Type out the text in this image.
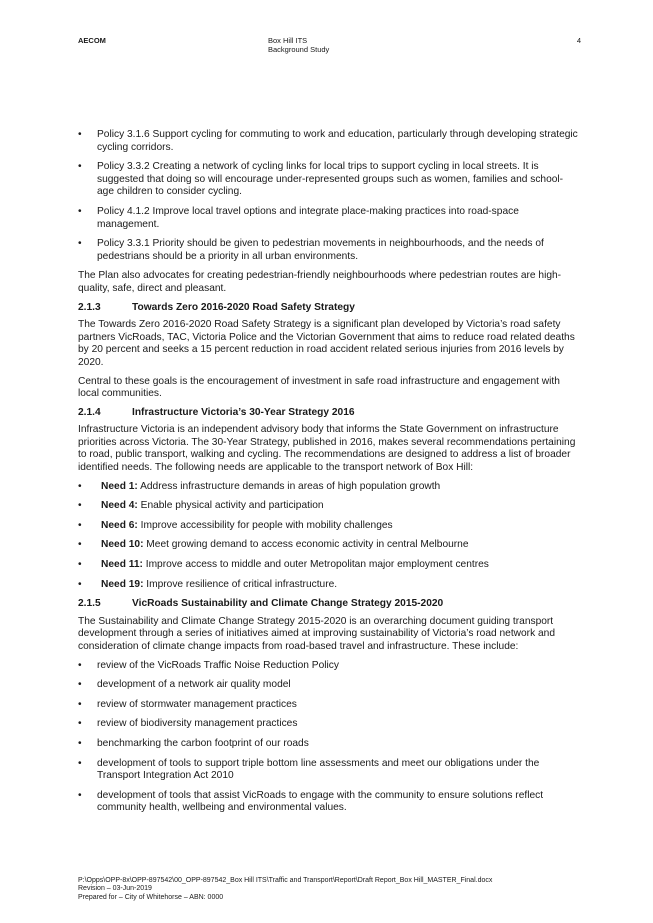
AECOM	Box Hill ITS
Background Study
4
• Policy 3.1.6 Support cycling for commuting to work and education, particularly through developing strategic cycling corridors.
• Policy 3.3.2 Creating a network of cycling links for local trips to support cycling in local streets. It is suggested that doing so will encourage under-represented groups such as women, families and school-age children to consider cycling.
• Policy 4.1.2 Improve local travel options and integrate place-making practices into road-space management.
• Policy 3.3.1 Priority should be given to pedestrian movements in neighbourhoods, and the needs of pedestrians should be a priority in all urban environments.

The Plan also advocates for creating pedestrian-friendly neighbourhoods where pedestrian routes are high-quality, safe, direct and pleasant.

2.1.3	Towards Zero 2016-2020 Road Safety Strategy

The Towards Zero 2016-2020 Road Safety Strategy is a significant plan developed by Victoria’s road safety partners VicRoads, TAC, Victoria Police and the Victorian Government that aims to reduce road related deaths by 20 percent and seeks a 15 percent reduction in road accident related serious injuries from 2016 levels by 2020.

Central to these goals is the encouragement of investment in safe road infrastructure and engagement with local communities.

2.1.4	Infrastructure Victoria’s 30-Year Strategy 2016

Infrastructure Victoria is an independent advisory body that informs the State Government on infrastructure priorities across Victoria. The 30-Year Strategy, published in 2016, makes several recommendations pertaining to road, public transport, walking and cycling. The recommendations are designed to address a list of broader identified needs. The following needs are applicable to the transport network of Box Hill:

• Need 1: Address infrastructure demands in areas of high population growth
• Need 4: Enable physical activity and participation
• Need 6: Improve accessibility for people with mobility challenges
• Need 10: Meet growing demand to access economic activity in central Melbourne
• Need 11: Improve access to middle and outer Metropolitan major employment centres
• Need 19: Improve resilience of critical infrastructure.
2.1.5	VicRoads Sustainability and Climate Change Strategy 2015-2020

The Sustainability and Climate Change Strategy 2015-2020 is an overarching document guiding transport development through a series of initiatives aimed at improving sustainability of Victoria’s road network and consideration of climate change impacts from road-based travel and infrastructure. These include:

• review of the VicRoads Traffic Noise Reduction Policy
• development of a network air quality model
• review of stormwater management practices
• review of biodiversity management practices
• benchmarking the carbon footprint of our roads
• development of tools to support triple bottom line assessments and meet our obligations under the Transport Integration Act 2010
• development of tools that assist VicRoads to engage with the community to ensure solutions reflect community health, wellbeing and environmental values.
P:\Opps\OPP-8x\OPP-897542\00_OPP-897542_Box Hill ITS\Traffic and Transport\Report\Draft Report_Box Hill_MASTER_Final.docx
Revision – 03-Jun-2019
Prepared for – City of Whitehorse – ABN: 0000
